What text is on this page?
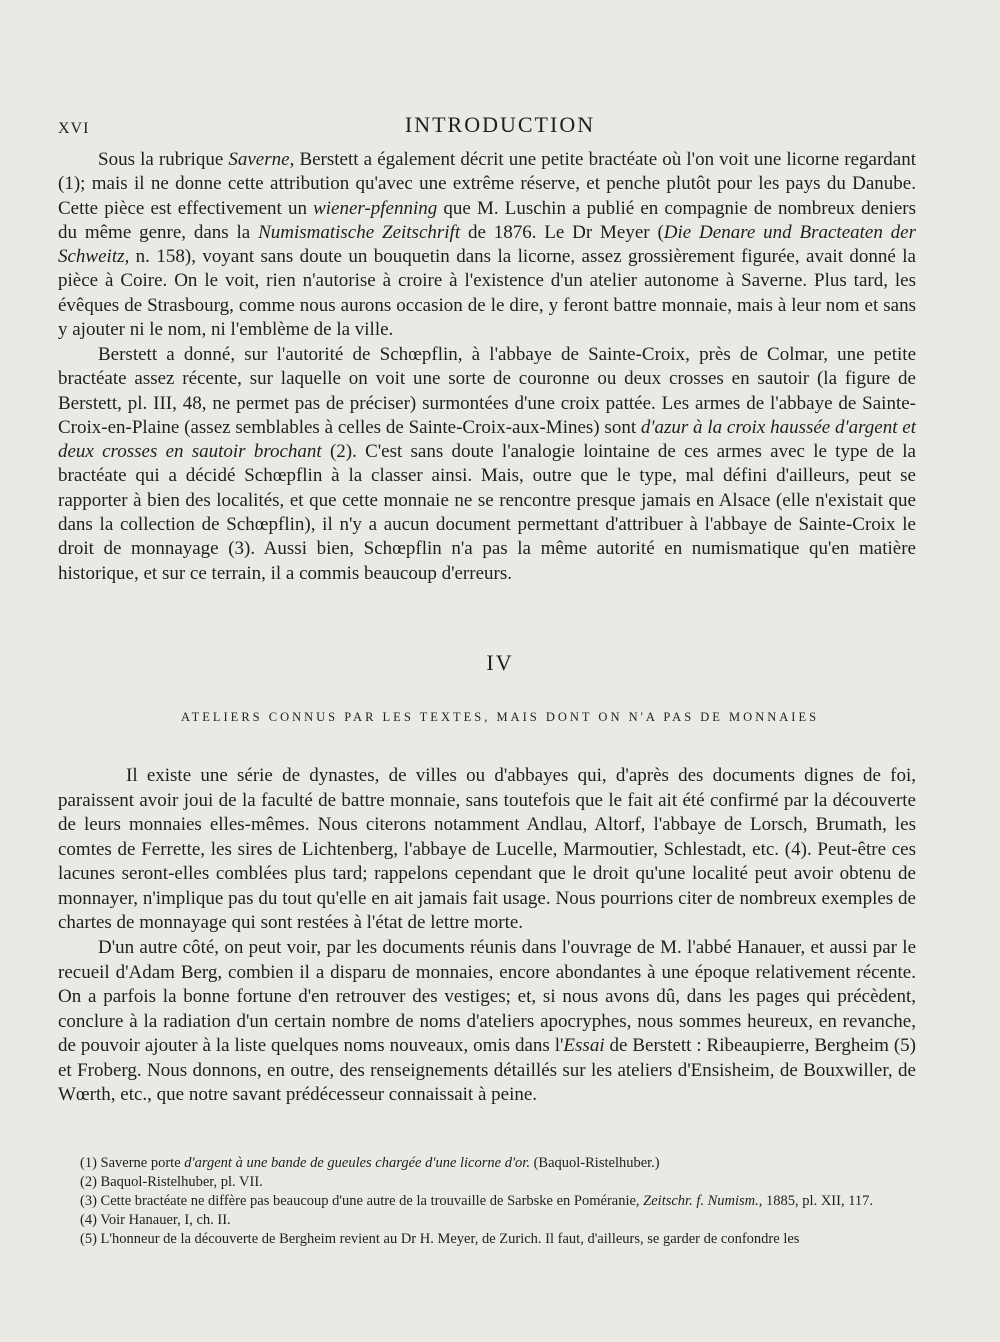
XVI	INTRODUCTION

Sous la rubrique Saverne, Berstett a également décrit une petite bractéate où l'on voit une licorne regardant (1); mais il ne donne cette attribution qu'avec une extrême réserve, et penche plutôt pour les pays du Danube. Cette pièce est effectivement un wiener-pfenning que M. Luschin a publié en compagnie de nombreux deniers du même genre, dans la Numismatische Zeitschrift de 1876. Le Dr Meyer (Die Denare und Bracteaten der Schweitz, n. 158), voyant sans doute un bouquetin dans la licorne, assez grossièrement figurée, avait donné la pièce à Coire. On le voit, rien n'autorise à croire à l'existence d'un atelier autonome à Saverne. Plus tard, les évêques de Strasbourg, comme nous aurons occasion de le dire, y feront battre monnaie, mais à leur nom et sans y ajouter ni le nom, ni l'emblème de la ville.

Berstett a donné, sur l'autorité de Schœpflin, à l'abbaye de Sainte-Croix, près de Colmar, une petite bractéate assez récente, sur laquelle on voit une sorte de couronne ou deux crosses en sautoir (la figure de Berstett, pl. III, 48, ne permet pas de préciser) surmontées d'une croix pattée. Les armes de l'abbaye de Sainte-Croix-en-Plaine (assez semblables à celles de Sainte-Croix-aux-Mines) sont d'azur à la croix haussée d'argent et deux crosses en sautoir brochant (2). C'est sans doute l'analogie lointaine de ces armes avec le type de la bractéate qui a décidé Schœpflin à la classer ainsi. Mais, outre que le type, mal défini d'ailleurs, peut se rapporter à bien des localités, et que cette monnaie ne se rencontre presque jamais en Alsace (elle n'existait que dans la collection de Schœpflin), il n'y a aucun document permettant d'attribuer à l'abbaye de Sainte-Croix le droit de monnayage (3). Aussi bien, Schœpflin n'a pas la même autorité en numismatique qu'en matière historique, et sur ce terrain, il a commis beaucoup d'erreurs.

IV
ATELIERS CONNUS PAR LES TEXTES, MAIS DONT ON N'A PAS DE MONNAIES

Il existe une série de dynastes, de villes ou d'abbayes qui, d'après des documents dignes de foi, paraissent avoir joui de la faculté de battre monnaie, sans toutefois que le fait ait été confirmé par la découverte de leurs monnaies elles-mêmes. Nous citerons notamment Andlau, Altorf, l'abbaye de Lorsch, Brumath, les comtes de Ferrette, les sires de Lichtenberg, l'abbaye de Lucelle, Marmoutier, Schlestadt, etc. (4). Peut-être ces lacunes seront-elles comblées plus tard; rappelons cependant que le droit qu'une localité peut avoir obtenu de monnayer, n'implique pas du tout qu'elle en ait jamais fait usage. Nous pourrions citer de nombreux exemples de chartes de monnayage qui sont restées à l'état de lettre morte.

D'un autre côté, on peut voir, par les documents réunis dans l'ouvrage de M. l'abbé Hanauer, et aussi par le recueil d'Adam Berg, combien il a disparu de monnaies, encore abondantes à une époque relativement récente. On a parfois la bonne fortune d'en retrouver des vestiges; et, si nous avons dû, dans les pages qui précèdent, conclure à la radiation d'un certain nombre de noms d'ateliers apocryphes, nous sommes heureux, en revanche, de pouvoir ajouter à la liste quelques noms nouveaux, omis dans l'Essai de Berstett : Ribeaupierre, Bergheim (5) et Froberg. Nous donnons, en outre, des renseignements détaillés sur les ateliers d'Ensisheim, de Bouxwiller, de Wœrth, etc., que notre savant prédécesseur connaissait à peine.

(1) Saverne porte d'argent à une bande de gueules chargée d'une licorne d'or. (Baquol-Ristelhuber.)

(2) Baquol-Ristelhuber, pl. VII.

(3) Cette bractéate ne diffère pas beaucoup d'une autre de la trouvaille de Sarbske en Poméranie, Zeitschr. f. Numism., 1885, pl. XII, 117.

(4) Voir Hanauer, I, ch. II.

(5) L'honneur de la découverte de Bergheim revient au Dr H. Meyer, de Zurich. Il faut, d'ailleurs, se garder de confondre les
